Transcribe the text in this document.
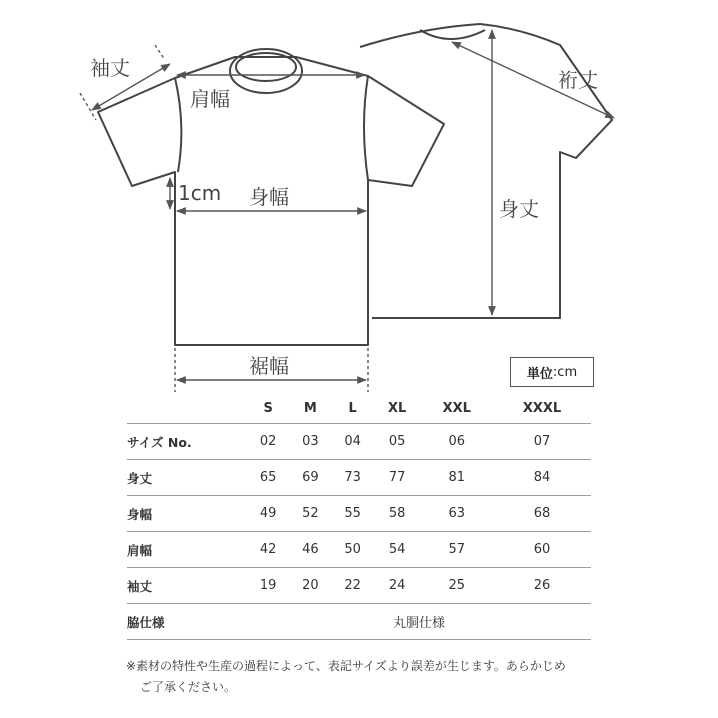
袖丈
肩幅
1cm 身幅
裾幅
裄丈
身丈
単位 : cm
	S	M	L	XL	XXL	XXXL
サイズ No.	02	03	04	05	06	07
身丈	65	69	73	77	81	84
身幅	49	52	55	58	63	68
肩幅	42	46	50	54	57	60
袖丈	19	20	22	24	25	26
脇仕様	丸胴仕様					
※素材の特性や生産の過程によって、表記サイズより誤差が生じます。あらかじめ
ご了承ください。
